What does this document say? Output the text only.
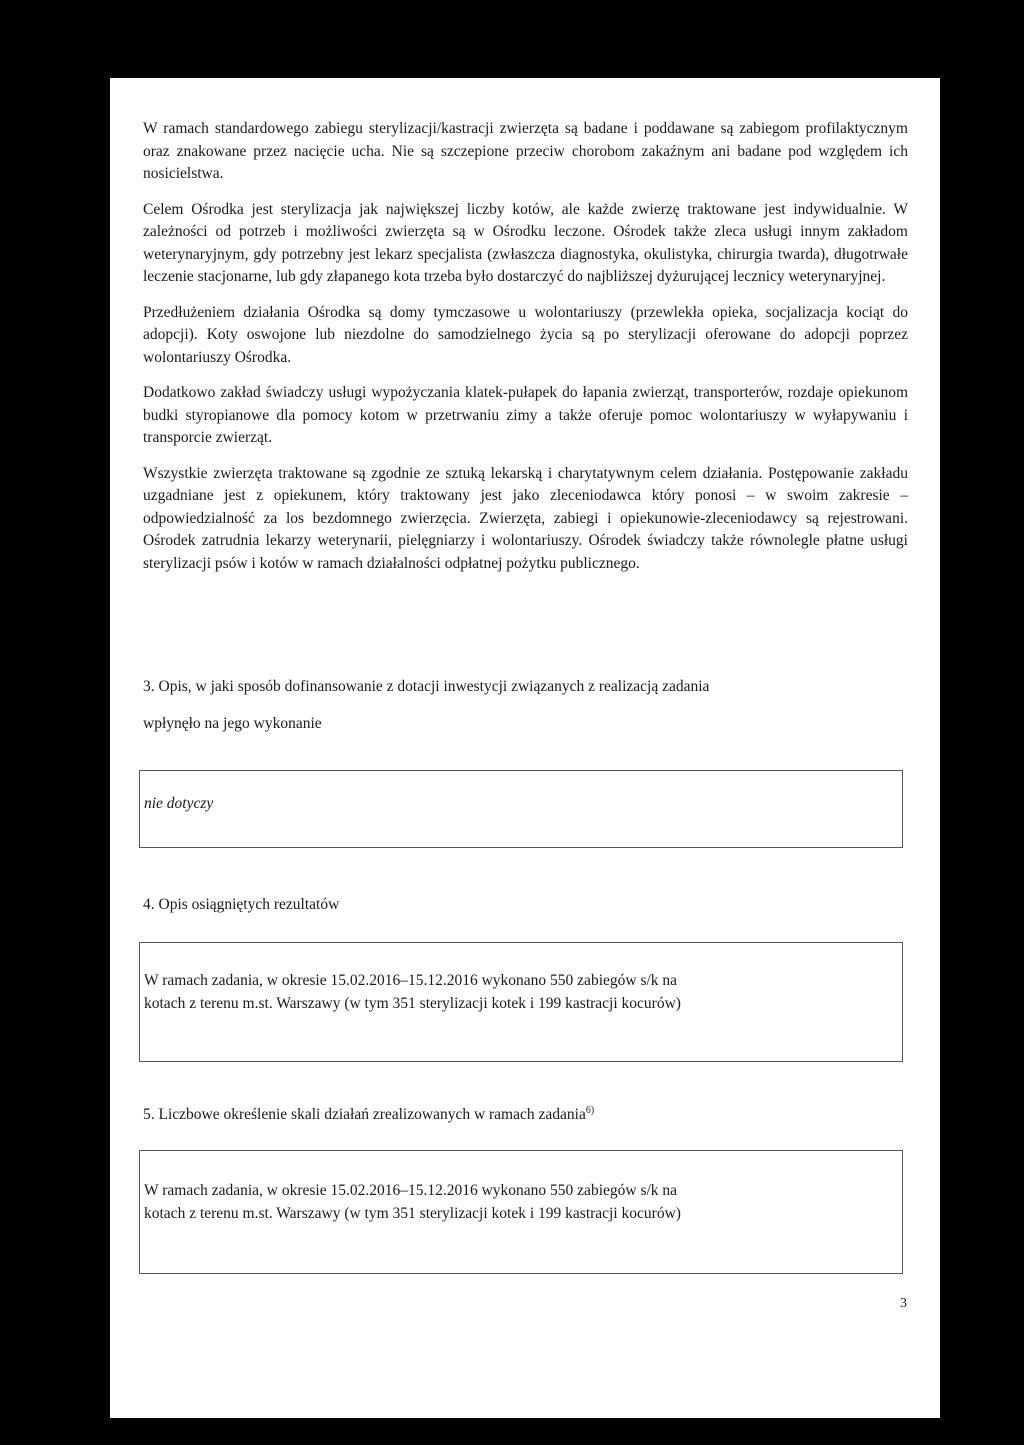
W ramach standardowego zabiegu sterylizacji/kastracji zwierzęta są badane i poddawane są zabiegom profilaktycznym oraz znakowane przez nacięcie ucha. Nie są szczepione przeciw chorobom zakaźnym ani badane pod względem ich nosicielstwa.

Celem Ośrodka jest sterylizacja jak największej liczby kotów, ale każde zwierzę traktowane jest indywidualnie. W zależności od potrzeb i możliwości zwierzęta są w Ośrodku leczone. Ośrodek także zleca usługi innym zakładom weterynaryjnym, gdy potrzebny jest lekarz specjalista (zwłaszcza diagnostyka, okulistyka, chirurgia twarda), długotrwałe leczenie stacjonarne, lub gdy złapanego kota trzeba było dostarczyć do najbliższej dyżurującej lecznicy weterynaryjnej.

Przedłużeniem działania Ośrodka są domy tymczasowe u wolontariuszy (przewlekła opieka, socjalizacja kociąt do adopcji). Koty oswojone lub niezdolne do samodzielnego życia są po sterylizacji oferowane do adopcji poprzez wolontariuszy Ośrodka.

Dodatkowo zakład świadczy usługi wypożyczania klatek-pułapek do łapania zwierząt, transporterów, rozdaje opiekunom budki styropianowe dla pomocy kotom w przetrwaniu zimy a także oferuje pomoc wolontariuszy w wyłapywaniu i transporcie zwierząt.

Wszystkie zwierzęta traktowane są zgodnie ze sztuką lekarską i charytatywnym celem działania. Postępowanie zakładu uzgadniane jest z opiekunem, który traktowany jest jako zleceniodawca który ponosi – w swoim zakresie – odpowiedzialność za los bezdomnego zwierzęcia. Zwierzęta, zabiegi i opiekunowie-zleceniodawcy są rejestrowani. Ośrodek zatrudnia lekarzy weterynarii, pielęgniarzy i wolontariuszy. Ośrodek świadczy także równolegle płatne usługi sterylizacji psów i kotów w ramach działalności odpłatnej pożytku publicznego.

3. Opis, w jaki sposób dofinansowanie z dotacji inwestycji związanych z realizacją zadania
wpłynęło na jego wykonanie
nie dotyczy
4. Opis osiągniętych rezultatów
W ramach zadania, w okresie 15.02.2016–15.12.2016 wykonano 550 zabiegów s/k na
kotach z terenu m.st. Warszawy (w tym 351 sterylizacji kotek i 199 kastracji kocurów)
5. Liczbowe określenie skali działań zrealizowanych w ramach zadania$^{6)}$
W ramach zadania, w okresie 15.02.2016–15.12.2016 wykonano 550 zabiegów s/k na
kotach z terenu m.st. Warszawy (w tym 351 sterylizacji kotek i 199 kastracji kocurów)
3
